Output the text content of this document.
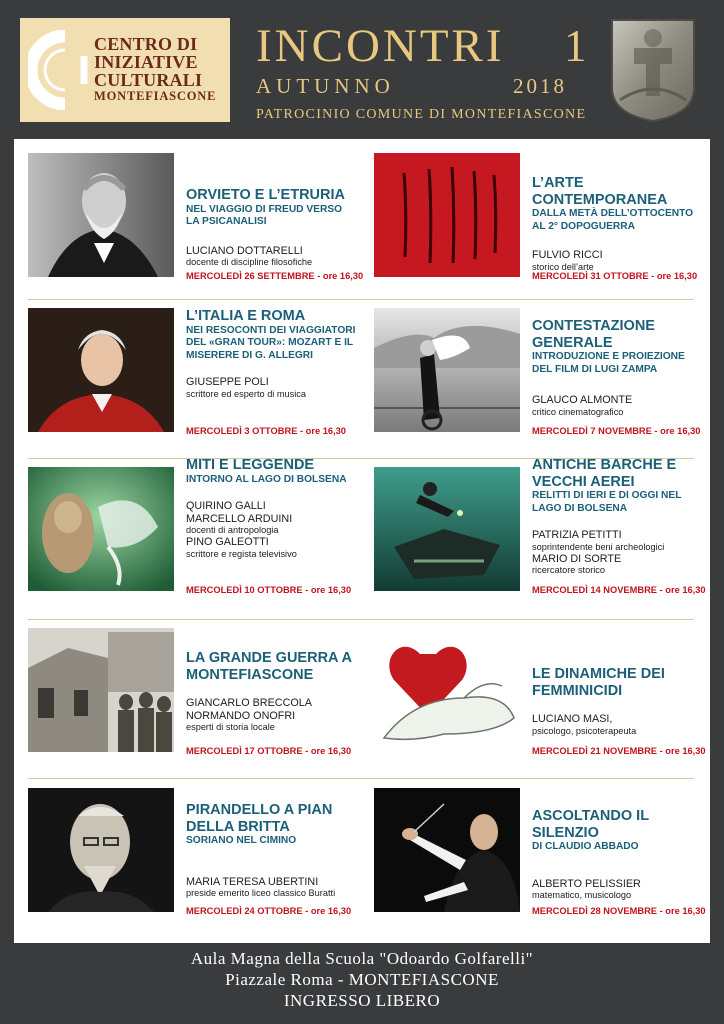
CENTRO DI
INIZIATIVE
CULTURALI
MONTEFIASCONE
INCONTRI	1
AUTUNNO	2018
PATROCINIO COMUNE DI MONTEFIASCONE

ORVIETO E L’ETRURIA

NEL VIAGGIO DI FREUD VERSO LA PSICANALISI

LUCIANO DOTTARELLI

docente di discipline filosofiche

MERCOLEDÌ 26 SETTEMBRE - ore 16,30

L’ARTE CONTEMPORANEA

DALLA METÀ DELL’OTTOCENTO AL 2° DOPOGUERRA

FULVIO RICCI

storico dell’arte

MERCOLEDÌ 31 OTTOBRE - ore 16,30

L’ITALIA E ROMA

NEI RESOCONTI DEI VIAGGIATORI DEL «GRAN TOUR»: MOZART E IL MISERERE DI G. ALLEGRI

GIUSEPPE POLI

scrittore ed esperto di musica

MERCOLEDÌ 3 OTTOBRE - ore 16,30

CONTESTAZIONE GENERALE

INTRODUZIONE E PROIEZIONE DEL FILM DI LUGI ZAMPA

GLAUCO ALMONTE

critico cinematografico

MERCOLEDÌ 7 NOVEMBRE - ore 16,30

MITI E LEGGENDE

INTORNO AL LAGO DI BOLSENA

QUIRINO GALLI

MARCELLO ARDUINI

docenti di antropologia

PINO GALEOTTI

scrittore e regista televisivo

MERCOLEDÌ 10 OTTOBRE - ore 16,30

ANTICHE BARCHE E VECCHI AEREI

RELITTI DI IERI E DI OGGI NEL LAGO DI BOLSENA

PATRIZIA PETITTI

soprintendente beni archeologici

MARIO DI SORTE

ricercatore storico

MERCOLEDÌ 14 NOVEMBRE - ore 16,30

LA GRANDE GUERRA A MONTEFIASCONE

GIANCARLO BRECCOLA

NORMANDO ONOFRI

esperti di storia locale

MERCOLEDÌ 17 OTTOBRE - ore 16,30

LE DINAMICHE DEI FEMMINICIDI

LUCIANO MASI,

psicologo, psicoterapeuta

MERCOLEDÌ 21 NOVEMBRE - ore 16,30

PIRANDELLO A PIAN DELLA BRITTA

SORIANO NEL CIMINO

MARIA TERESA UBERTINI

preside emerito liceo classico Buratti

MERCOLEDÌ 24 OTTOBRE - ore 16,30

ASCOLTANDO IL SILENZIO

DI CLAUDIO ABBADO

ALBERTO PELISSIER

matematico, musicologo

MERCOLEDÌ 28 NOVEMBRE - ore 16,30
Aula Magna della Scuola "Odoardo Golfarelli"
Piazzale Roma - MONTEFIASCONE
INGRESSO LIBERO
